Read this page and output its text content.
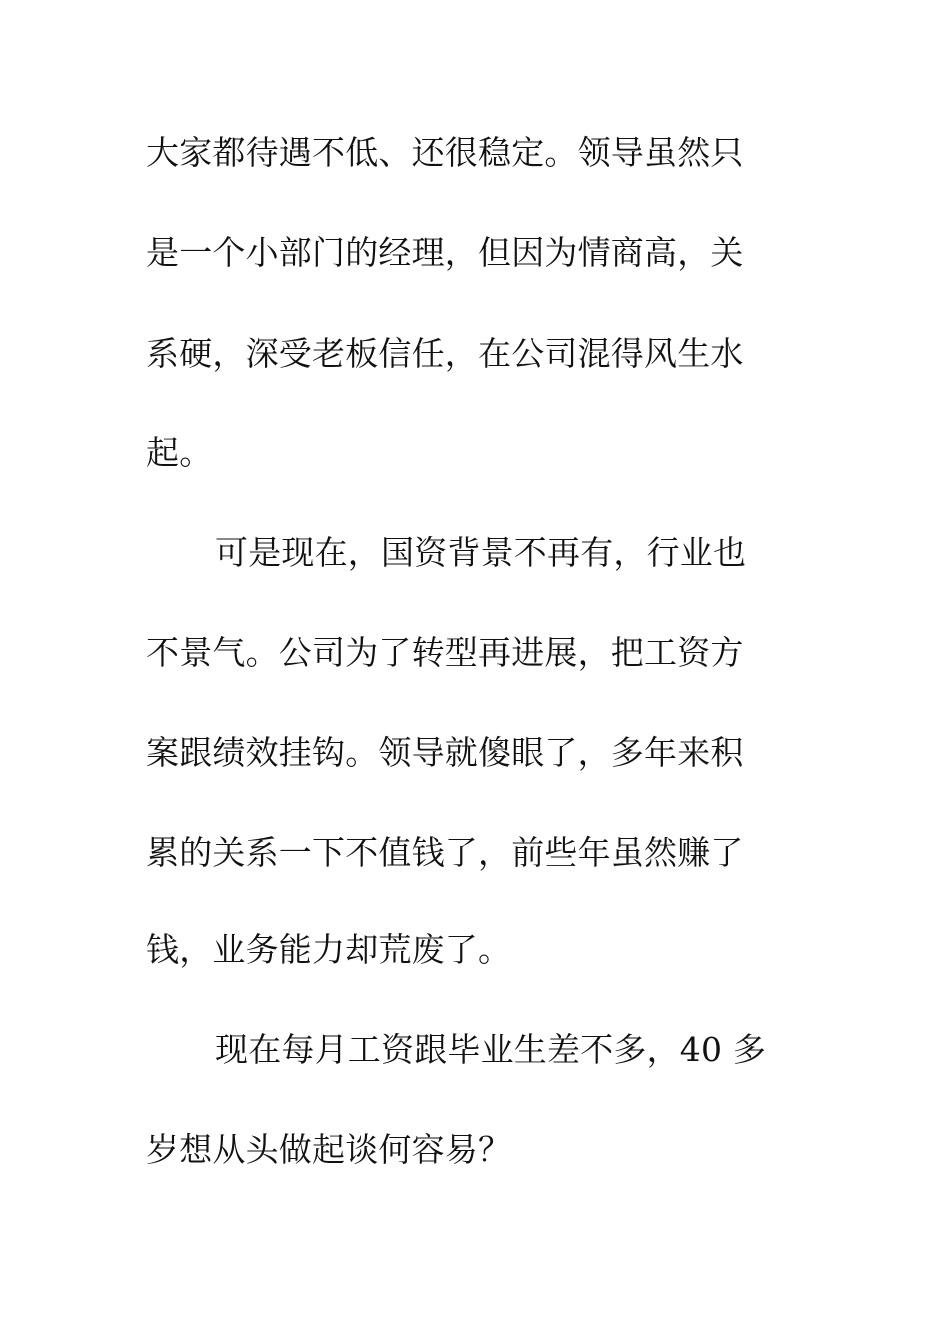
大家都待遇不低、还很稳定。领导虽然只
是一个小部门的经理，但因为情商高，关
系硬，深受老板信任，在公司混得风生水
起。
可是现在，国资背景不再有，行业也
不景气。公司为了转型再进展，把工资方
案跟绩效挂钩。领导就傻眼了，多年来积
累的关系一下不值钱了，前些年虽然赚了
钱，业务能力却荒废了。
现在每月工资跟毕业生差不多，40 多
岁想从头做起谈何容易？
